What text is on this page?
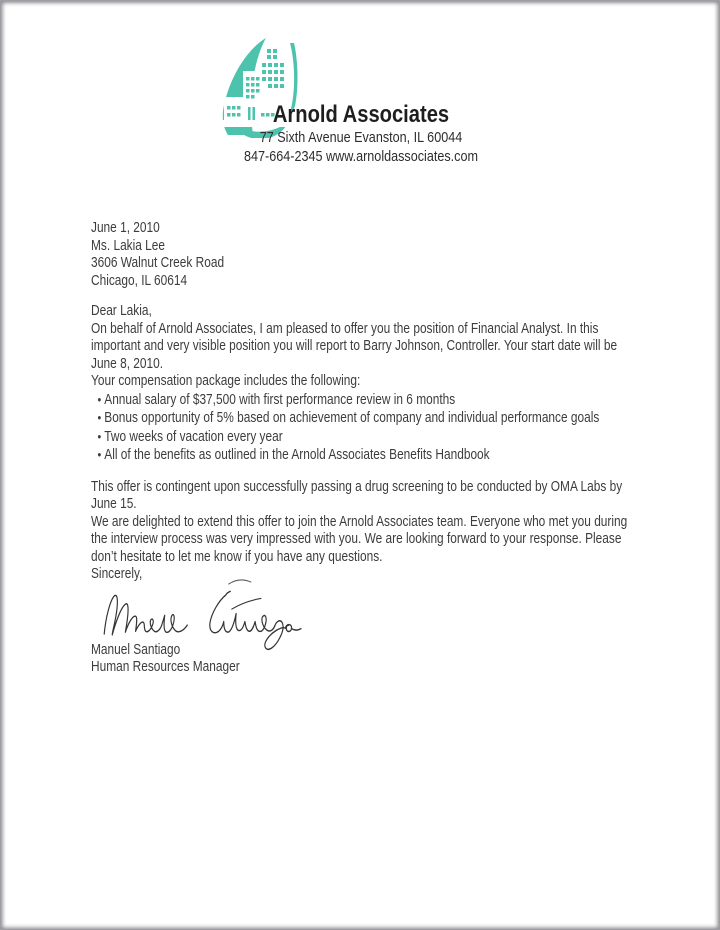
Arnold Associates

77 Sixth Avenue Evanston, IL 60044

847-664-2345 www.arnoldassociates.com

June 1, 2010

Ms. Lakia Lee

3606 Walnut Creek Road

Chicago, IL 60614

Dear Lakia,

On behalf of Arnold Associates, I am pleased to offer you the position of Financial Analyst. In this important and very visible position you will report to Barry Johnson, Controller. Your start date will be June 8, 2010.

Your compensation package includes the following:

• Annual salary of $37,500 with first performance review in 6 months
• Bonus opportunity of 5% based on achievement of company and individual performance goals
• Two weeks of vacation every year
• All of the benefits as outlined in the Arnold Associates Benefits Handbook

This offer is contingent upon successfully passing a drug screening to be conducted by OMA Labs by June 15.

We are delighted to extend this offer to join the Arnold Associates team. Everyone who met you during the interview process was very impressed with you. We are looking forward to your response. Please don’t hesitate to let me know if you have any questions.

Sincerely,

Manuel Santiago

Human Resources Manager
